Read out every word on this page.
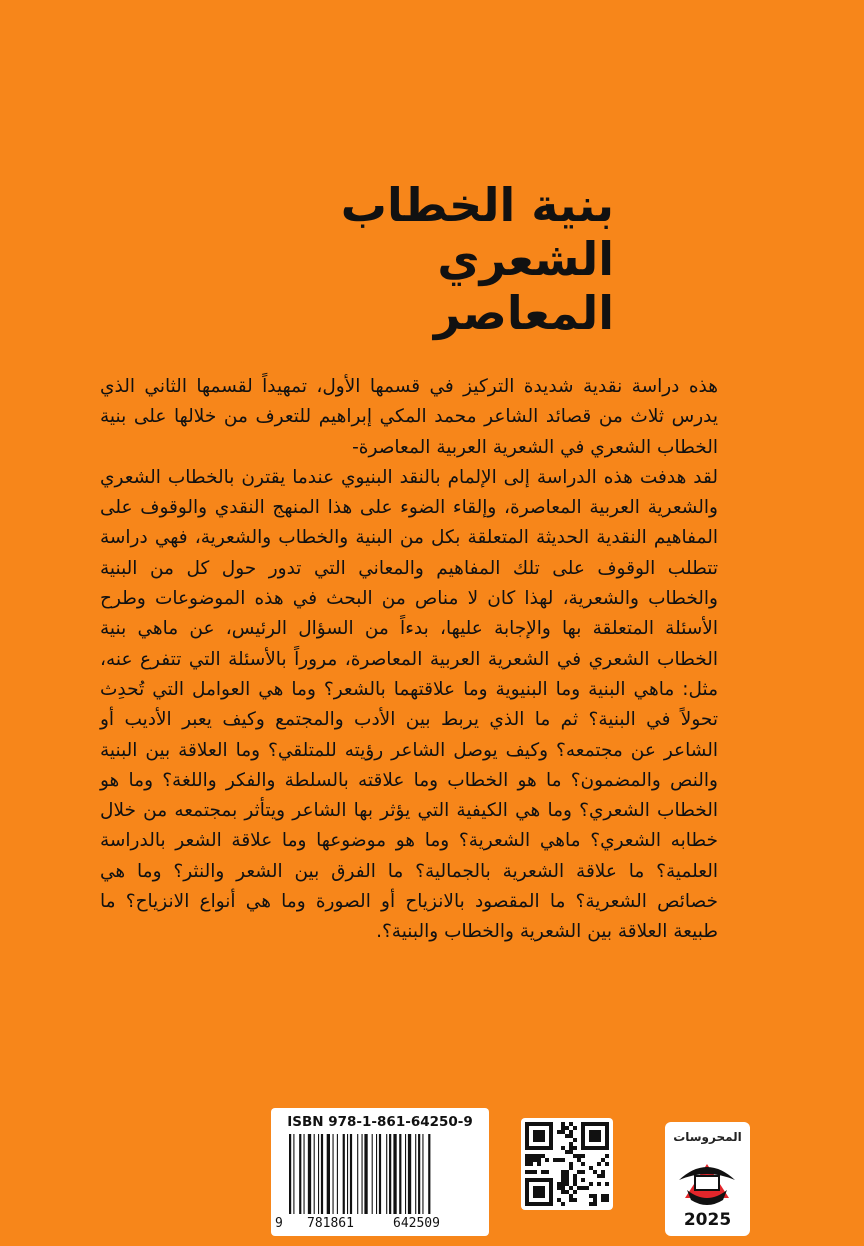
بنية الخطاب
الشعري
المعاصر

هذه دراسة نقدية شديدة التركيز في قسمها الأول، تمهيداً لقسمها الثاني الذي يدرس ثلاث من قصائد الشاعر محمد المكي إبراهيم للتعرف من خلالها على بنية الخطاب الشعري في الشعرية العربية المعاصرة-

لقد هدفت هذه الدراسة إلى الإلمام بالنقد البنيوي عندما يقترن بالخطاب الشعري والشعرية العربية المعاصرة، وإلقاء الضوء على هذا المنهج النقدي والوقوف على المفاهيم النقدية الحديثة المتعلقة بكل من البنية والخطاب والشعرية، فهي دراسة تتطلب الوقوف على تلك المفاهيم والمعاني التي تدور حول كل من البنية والخطاب والشعرية، لهذا كان لا مناص من البحث في هذه الموضوعات وطرح الأسئلة المتعلقة بها والإجابة عليها، بدءاً من السؤال الرئيس، عن ماهي بنية الخطاب الشعري في الشعرية العربية المعاصرة، مروراً بالأسئلة التي تتفرع عنه، مثل: ماهي البنية وما البنيوية وما علاقتهما بالشعر؟ وما هي العوامل التي تُحدِث تحولاً في البنية؟ ثم ما الذي يربط بين الأدب والمجتمع وكيف يعبر الأديب أو الشاعر عن مجتمعه؟ وكيف يوصل الشاعر رؤيته للمتلقي؟ وما العلاقة بين البنية والنص والمضمون؟ ما هو الخطاب وما علاقته بالسلطة والفكر واللغة؟ وما هو الخطاب الشعري؟ وما هي الكيفية التي يؤثر بها الشاعر ويتأثر بمجتمعه من خلال خطابه الشعري؟ ماهي الشعرية؟ وما هو موضوعها وما علاقة الشعر بالدراسة العلمية؟ ما علاقة الشعرية بالجمالية؟ ما الفرق بين الشعر والنثر؟ وما هي خصائص الشعرية؟ ما المقصود بالانزياح أو الصورة وما هي أنواع الانزياح؟ ما طبيعة العلاقة بين الشعرية والخطاب والبنية؟.

ISBN 978-1-861-64250-9
9 781861	642509
المحروسات
2025
